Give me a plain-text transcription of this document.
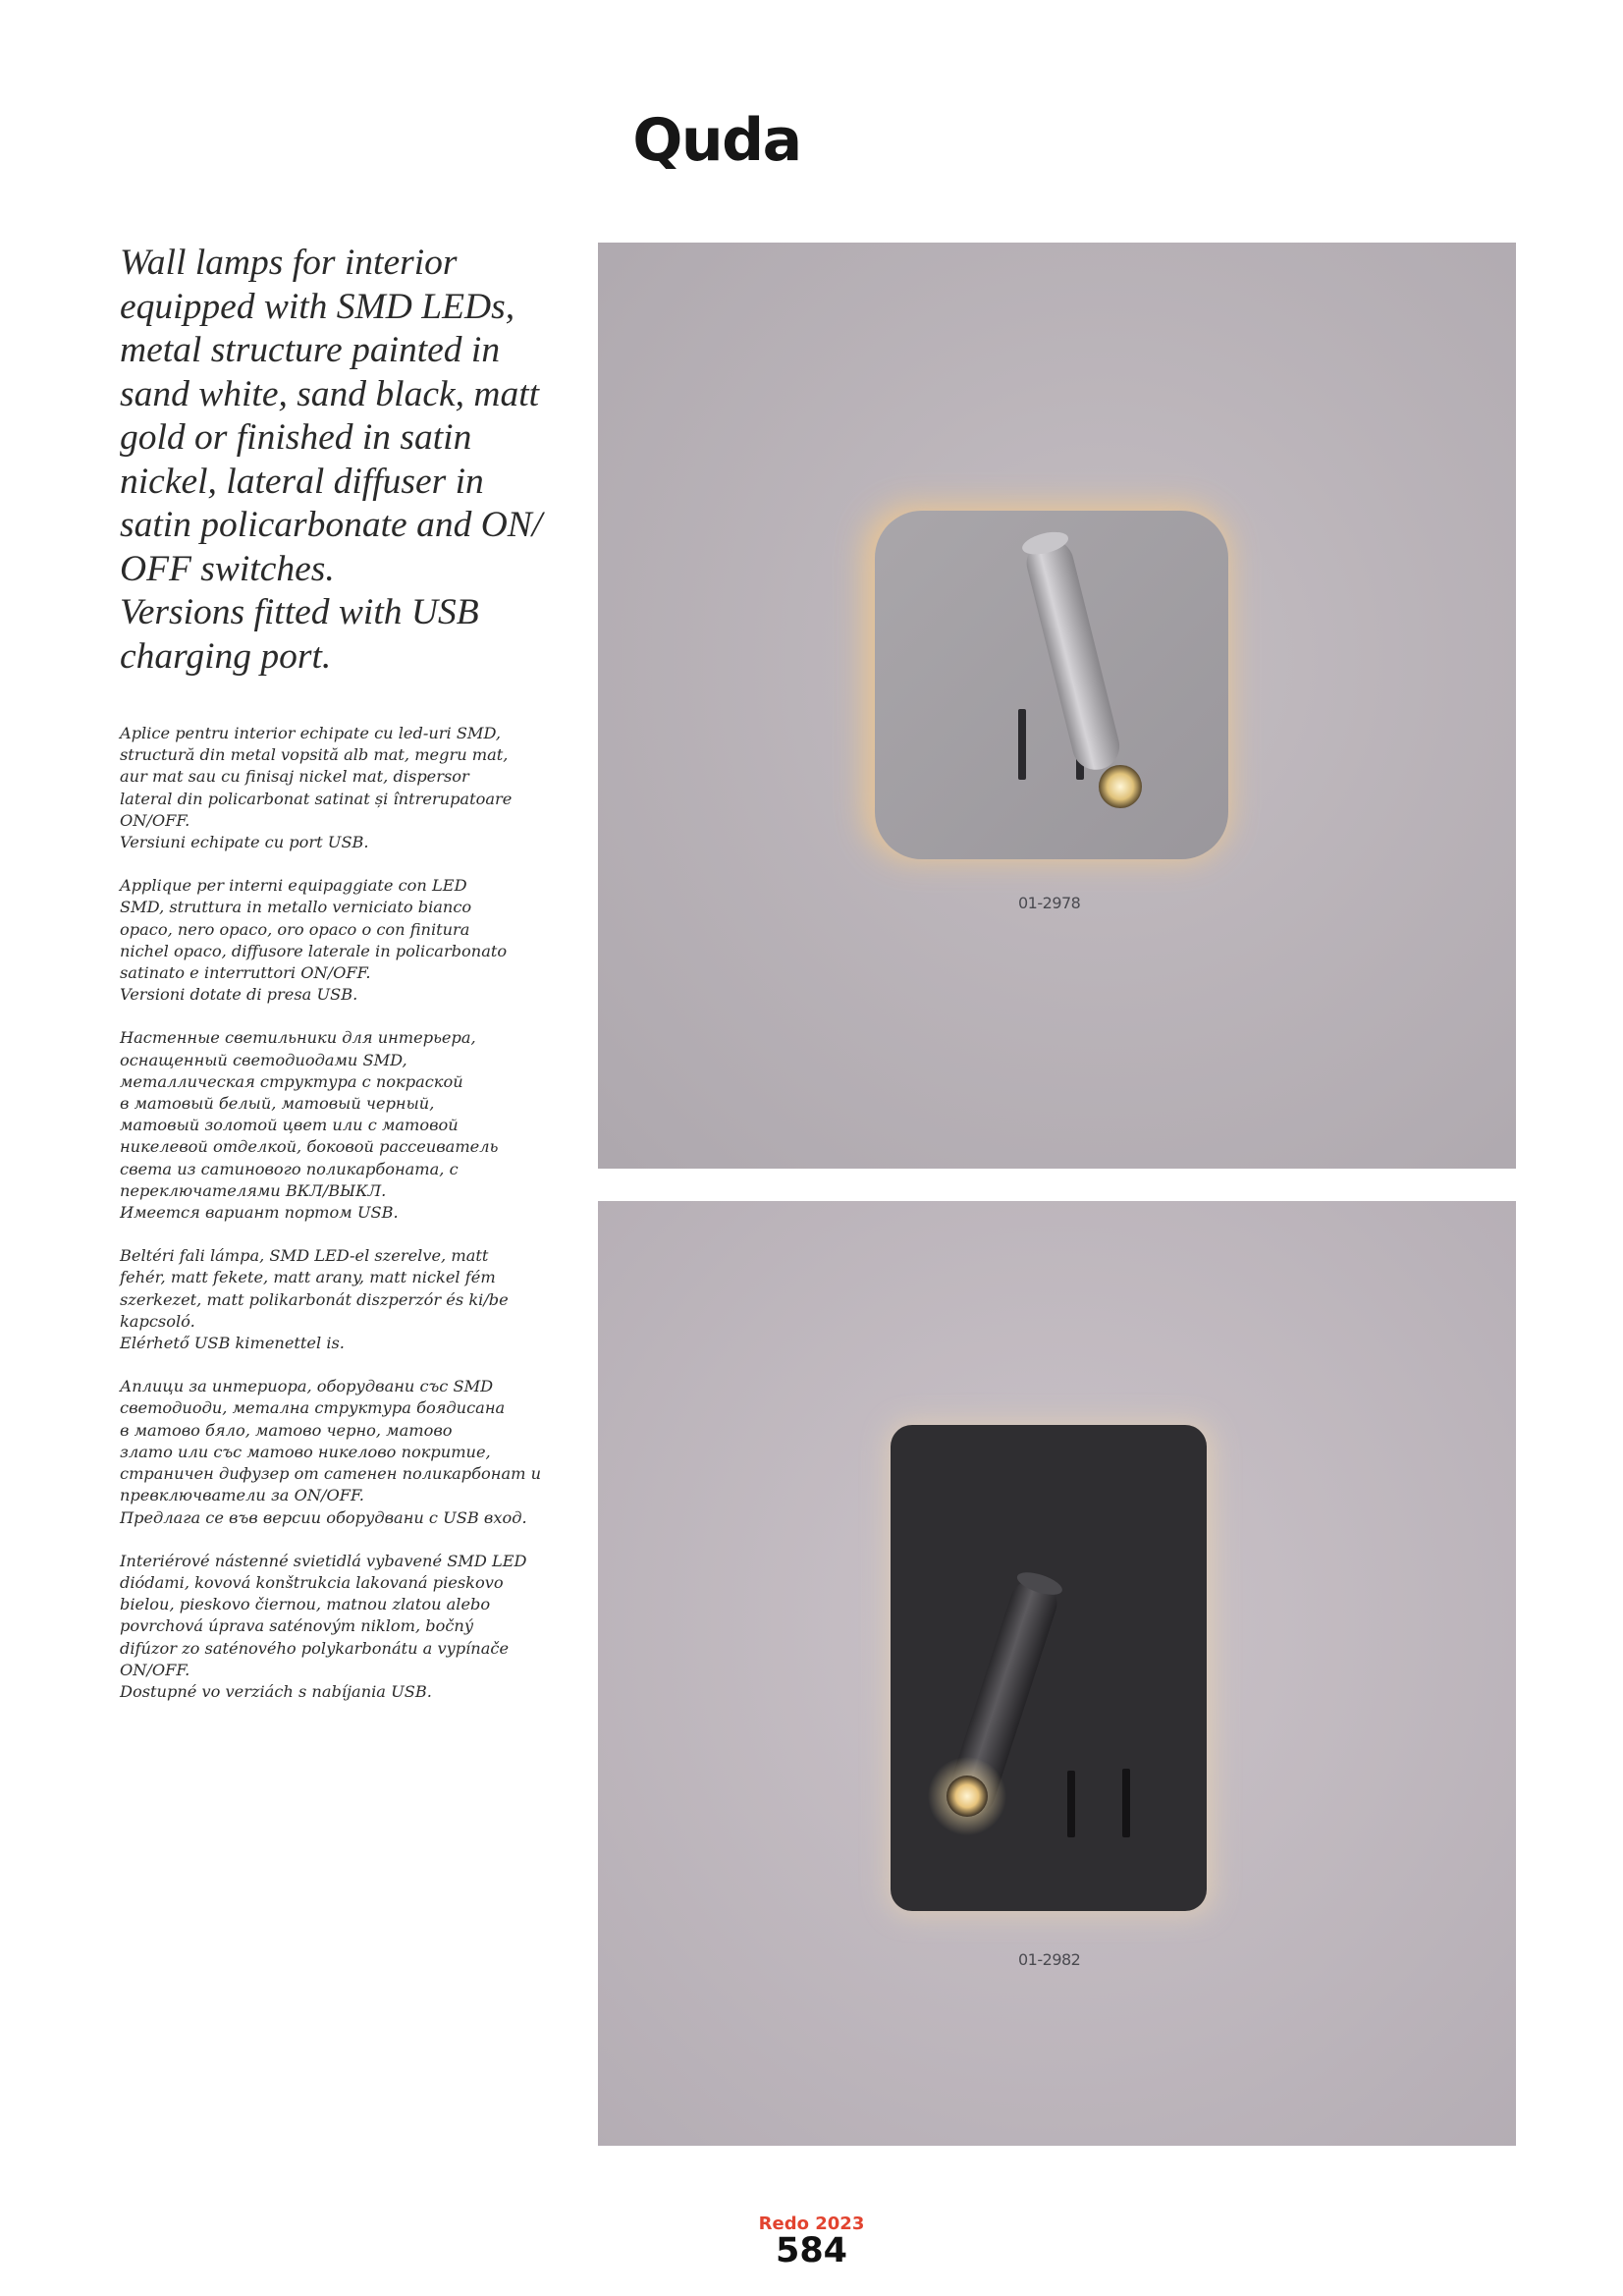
Quda

Wall lamps for interior

equipped with SMD LEDs,

metal structure painted in

sand white, sand black, matt

gold or finished in satin

nickel, lateral diffuser in

satin policarbonate and ON/

OFF switches.

Versions fitted with USB

charging port.

Aplice pentru interior echipate cu led-uri SMD,

structură din metal vopsită alb mat, megru mat,

aur mat sau cu finisaj nickel mat, dispersor

lateral din policarbonat satinat și întrerupatoare

ON/OFF.

Versiuni echipate cu port USB.

Applique per interni equipaggiate con LED

SMD, struttura in metallo verniciato bianco

opaco, nero opaco, oro opaco o con finitura

nichel opaco, diffusore laterale in policarbonato

satinato e interruttori ON/OFF.

Versioni dotate di presa USB.

Настенные светильники для интерьера,

оснащенный светодиодами SMD,

металлическая структура с покраской

в матовый белый, матовый черный,

матовый золотой цвет или с матовой

никелевой отделкой, боковой рассеиватель

света из сатинового поликарбоната, с

переключателями ВКЛ/ВЫКЛ.

Имеется вариант портом USB.

Beltéri fali lámpa, SMD LED-el szerelve, matt

fehér, matt fekete, matt arany, matt nickel fém

szerkezet, matt polikarbonát diszperzór és ki/be

kapcsoló.

Elérhető USB kimenettel is.

Аплици за интериора, оборудвани със SMD

светодиоди, метална структура боядисана

в матово бяло, матово черно, матово

злато или със матово никелово покритие,

страничен дифузер от сатенен поликарбонат и

превключватели за ON/OFF.

Предлага се във версии оборудвани с USB вход.

Interiérové nástenné svietidlá vybavené SMD LED

diódami, kovová konštrukcia lakovaná pieskovo

bielou, pieskovo čiernou, matnou zlatou alebo

povrchová úprava saténovým niklom, bočný

difúzor zo saténového polykarbonátu a vypínače

ON/OFF.

Dostupné vo verziách s nabíjania USB.

01-2978
01-2982
Redo 2023
584
